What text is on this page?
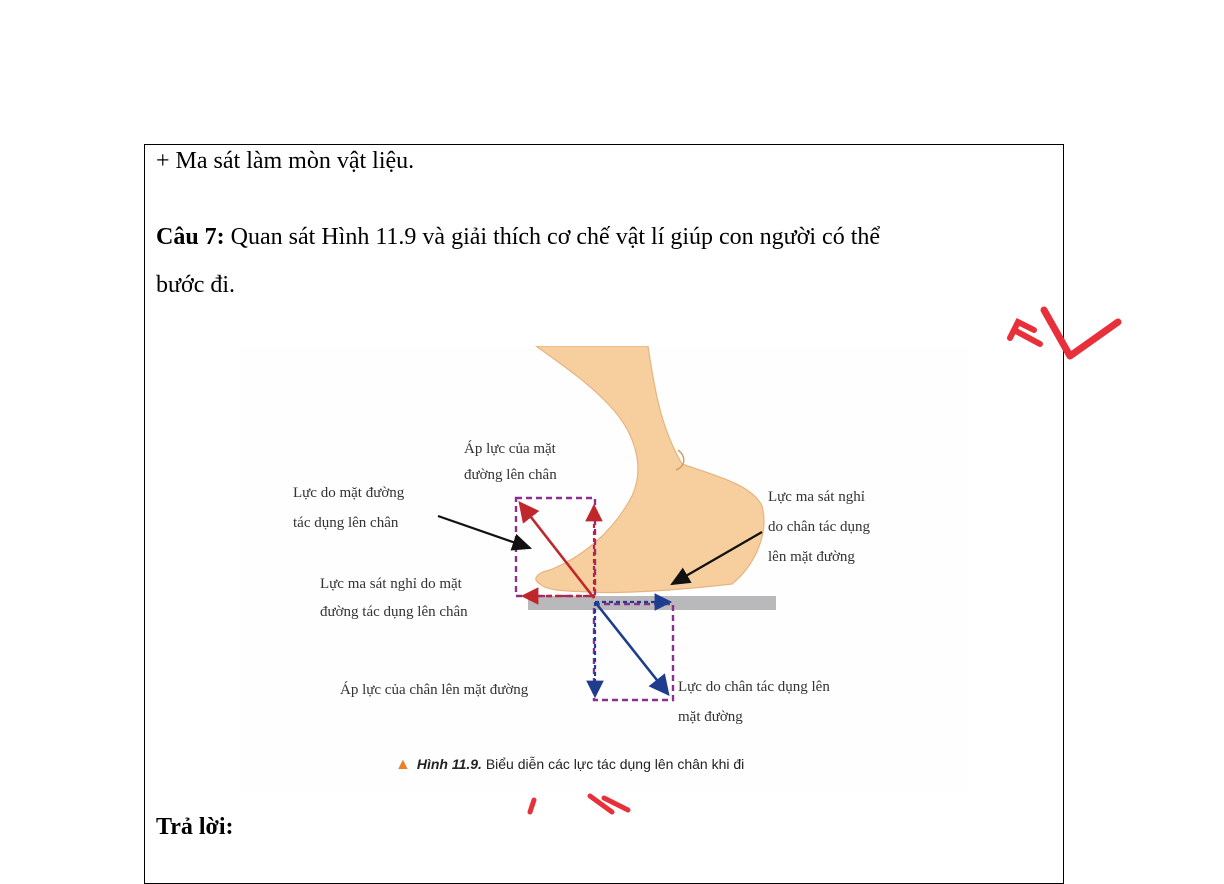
+ Ma sát làm mòn vật liệu.
Câu 7: Quan sát Hình 11.9 và giải thích cơ chế vật lí giúp con người có thể
bước đi.
Áp lực của mặt
đường lên chân
Lực do mặt đường
tác dụng lên chân
Lực ma sát nghỉ
do chân tác dụng
lên mặt đường
Lực ma sát nghỉ do mặt
đường tác dụng lên chân
Áp lực của chân lên mặt đường	Lực do chân tác dụng lên
mặt đường
▲ Hình 11.9. Biểu diễn các lực tác dụng lên chân khi đi
Trả lời:
